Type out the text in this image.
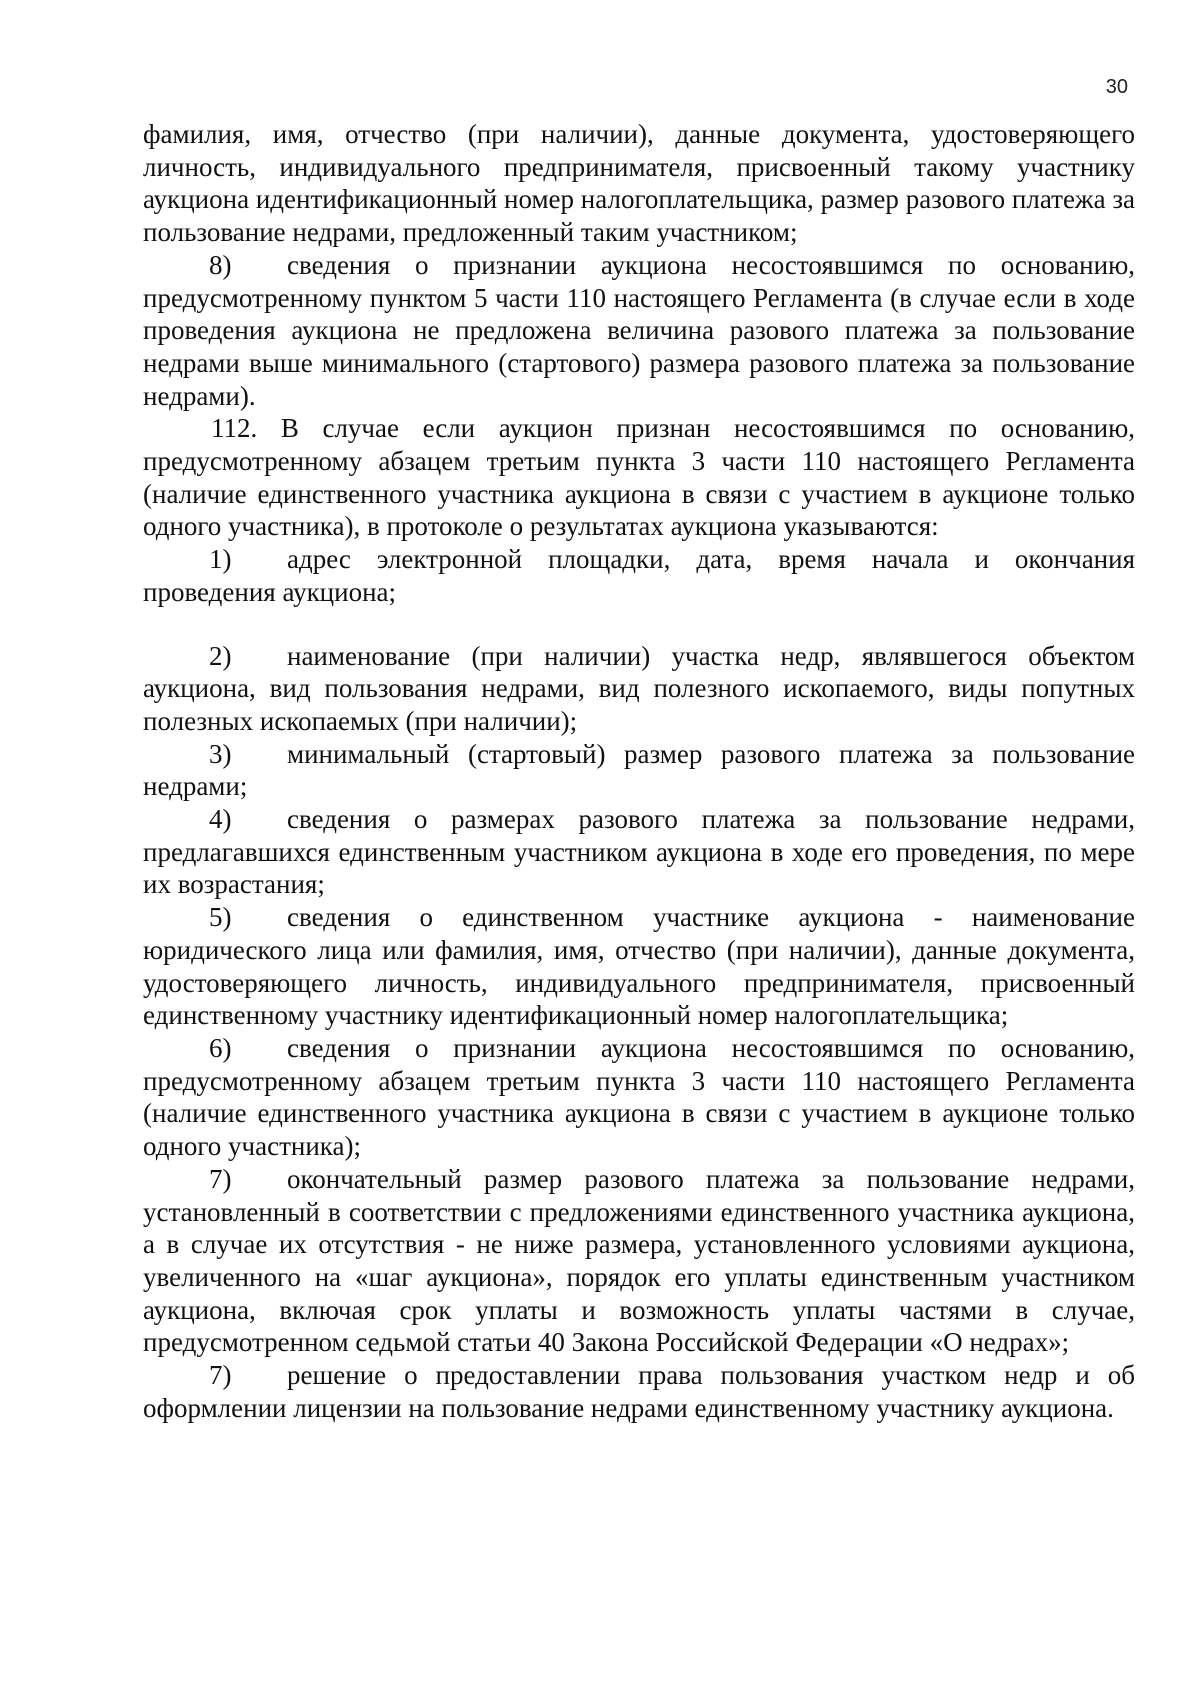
30

фамилия, имя, отчество (при наличии), данные документа, удостоверяющего личность, индивидуального предпринимателя, присвоенный такому участнику аукциона идентификационный номер налогоплательщика, размер разового платежа за пользование недрами, предложенный таким участником;

8) сведения о признании аукциона несостоявшимся по основанию, предусмотренному пунктом 5 части 110 настоящего Регламента (в случае если в ходе проведения аукциона не предложена величина разового платежа за пользование недрами выше минимального (стартового) размера разового платежа за пользование недрами).

112. В случае если аукцион признан несостоявшимся по основанию, предусмотренному абзацем третьим пункта 3 части 110 настоящего Регламента (наличие единственного участника аукциона в связи с участием в аукционе только одного участника), в протоколе о результатах аукциона указываются:

1) адрес электронной площадки, дата, время начала и окончания проведения аукциона;

2) наименование (при наличии) участка недр, являвшегося объектом аукциона, вид пользования недрами, вид полезного ископаемого, виды попутных полезных ископаемых (при наличии);

3) минимальный (стартовый) размер разового платежа за пользование недрами;

4) сведения о размерах разового платежа за пользование недрами, предлагавшихся единственным участником аукциона в ходе его проведения, по мере их возрастания;

5) сведения о единственном участнике аукциона - наименование юридического лица или фамилия, имя, отчество (при наличии), данные документа, удостоверяющего личность, индивидуального предпринимателя, присвоенный единственному участнику идентификационный номер налогоплательщика;

6) сведения о признании аукциона несостоявшимся по основанию, предусмотренному абзацем третьим пункта 3 части 110 настоящего Регламента (наличие единственного участника аукциона в связи с участием в аукционе только одного участника);

7) окончательный размер разового платежа за пользование недрами, установленный в соответствии с предложениями единственного участника аукциона, а в случае их отсутствия - не ниже размера, установленного условиями аукциона, увеличенного на «шаг аукциона», порядок его уплаты единственным участником аукциона, включая срок уплаты и возможность уплаты частями в случае, предусмотренном седьмой статьи 40 Закона Российской Федерации «О недрах»;

7) решение о предоставлении права пользования участком недр и об оформлении лицензии на пользование недрами единственному участнику аукциона.
